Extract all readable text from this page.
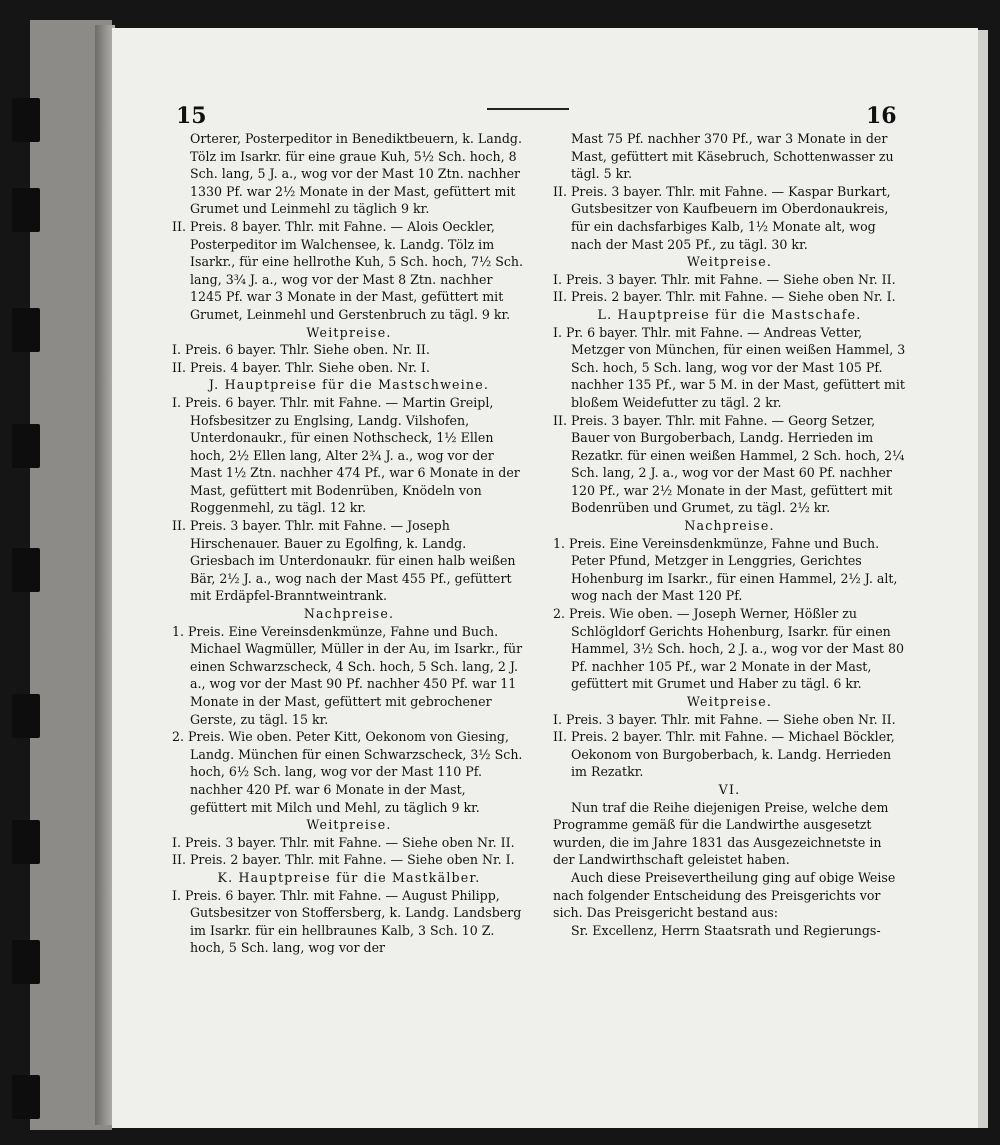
15	16

Orterer, Posterpeditor in Benediktbeuern, k. Landg. Tölz im Isarkr. für eine graue Kuh, 5½ Sch. hoch, 8 Sch. lang, 5 J. a., wog vor der Mast 10 Ztn. nachher 1330 Pf. war 2½ Monate in der Mast, gefüttert mit Grumet und Leinmehl zu täglich 9 kr.

II. Preis. 8 bayer. Thlr. mit Fahne. — Alois Oeckler, Posterpeditor im Walchensee, k. Landg. Tölz im Isarkr., für eine hellrothe Kuh, 5 Sch. hoch, 7½ Sch. lang, 3¾ J. a., wog vor der Mast 8 Ztn. nachher 1245 Pf. war 3 Monate in der Mast, gefüttert mit Grumet, Leinmehl und Gerstenbruch zu tägl. 9 kr.

Weitpreise.

I. Preis. 6 bayer. Thlr. Siehe oben. Nr. II.

II. Preis. 4 bayer. Thlr. Siehe oben. Nr. I.

J. Hauptpreise für die Mastschweine.

I. Preis. 6 bayer. Thlr. mit Fahne. — Martin Greipl, Hofsbesitzer zu Englsing, Landg. Vilshofen, Unterdonaukr., für einen Nothscheck, 1½ Ellen hoch, 2½ Ellen lang, Alter 2¾ J. a., wog vor der Mast 1½ Ztn. nachher 474 Pf., war 6 Monate in der Mast, gefüttert mit Bodenrüben, Knödeln von Roggenmehl, zu tägl. 12 kr.

II. Preis. 3 bayer. Thlr. mit Fahne. — Joseph Hirschenauer. Bauer zu Egolfing, k. Landg. Griesbach im Unterdonaukr. für einen halb weißen Bär, 2½ J. a., wog nach der Mast 455 Pf., gefüttert mit Erdäpfel-Branntweintrank.

Nachpreise.

1. Preis. Eine Vereinsdenkmünze, Fahne und Buch. Michael Wagmüller, Müller in der Au, im Isarkr., für einen Schwarzscheck, 4 Sch. hoch, 5 Sch. lang, 2 J. a., wog vor der Mast 90 Pf. nachher 450 Pf. war 11 Monate in der Mast, gefüttert mit gebrochener Gerste, zu tägl. 15 kr.

2. Preis. Wie oben. Peter Kitt, Oekonom von Giesing, Landg. München für einen Schwarzscheck, 3½ Sch. hoch, 6½ Sch. lang, wog vor der Mast 110 Pf. nachher 420 Pf. war 6 Monate in der Mast, gefüttert mit Milch und Mehl, zu täglich 9 kr.

Weitpreise.

I. Preis. 3 bayer. Thlr. mit Fahne. — Siehe oben Nr. II.

II. Preis. 2 bayer. Thlr. mit Fahne. — Siehe oben Nr. I.

K. Hauptpreise für die Mastkälber.

I. Preis. 6 bayer. Thlr. mit Fahne. — August Philipp, Gutsbesitzer von Stoffersberg, k. Landg. Landsberg im Isarkr. für ein hellbraunes Kalb, 3 Sch. 10 Z. hoch, 5 Sch. lang, wog vor der

Mast 75 Pf. nachher 370 Pf., war 3 Monate in der Mast, gefüttert mit Käsebruch, Schottenwasser zu tägl. 5 kr.

II. Preis. 3 bayer. Thlr. mit Fahne. — Kaspar Burkart, Gutsbesitzer von Kaufbeuern im Oberdonaukreis, für ein dachsfarbiges Kalb, 1½ Monate alt, wog nach der Mast 205 Pf., zu tägl. 30 kr.

Weitpreise.

I. Preis. 3 bayer. Thlr. mit Fahne. — Siehe oben Nr. II.

II. Preis. 2 bayer. Thlr. mit Fahne. — Siehe oben Nr. I.

L. Hauptpreise für die Mastschafe.

I. Pr. 6 bayer. Thlr. mit Fahne. — Andreas Vetter, Metzger von München, für einen weißen Hammel, 3 Sch. hoch, 5 Sch. lang, wog vor der Mast 105 Pf. nachher 135 Pf., war 5 M. in der Mast, gefüttert mit bloßem Weidefutter zu tägl. 2 kr.

II. Preis. 3 bayer. Thlr. mit Fahne. — Georg Setzer, Bauer von Burgoberbach, Landg. Herrieden im Rezatkr. für einen weißen Hammel, 2 Sch. hoch, 2¼ Sch. lang, 2 J. a., wog vor der Mast 60 Pf. nachher 120 Pf., war 2½ Monate in der Mast, gefüttert mit Bodenrüben und Grumet, zu tägl. 2½ kr.

Nachpreise.

1. Preis. Eine Vereinsdenkmünze, Fahne und Buch. Peter Pfund, Metzger in Lenggries, Gerichtes Hohenburg im Isarkr., für einen Hammel, 2½ J. alt, wog nach der Mast 120 Pf.

2. Preis. Wie oben. — Joseph Werner, Hößler zu Schlögldorf Gerichts Hohenburg, Isarkr. für einen Hammel, 3½ Sch. hoch, 2 J. a., wog vor der Mast 80 Pf. nachher 105 Pf., war 2 Monate in der Mast, gefüttert mit Grumet und Haber zu tägl. 6 kr.

Weitpreise.

I. Preis. 3 bayer. Thlr. mit Fahne. — Siehe oben Nr. II.

II. Preis. 2 bayer. Thlr. mit Fahne. — Michael Böckler, Oekonom von Burgoberbach, k. Landg. Herrieden im Rezatkr.

VI.

Nun traf die Reihe diejenigen Preise, welche dem Programme gemäß für die Landwirthe ausgesetzt wurden, die im Jahre 1831 das Ausgezeichnetste in der Landwirthschaft geleistet haben.

Auch diese Preisevertheilung ging auf obige Weise nach folgender Entscheidung des Preisgerichts vor sich. Das Preisgericht bestand aus:

Sr. Excellenz, Herrn Staatsrath und Regierungs-
